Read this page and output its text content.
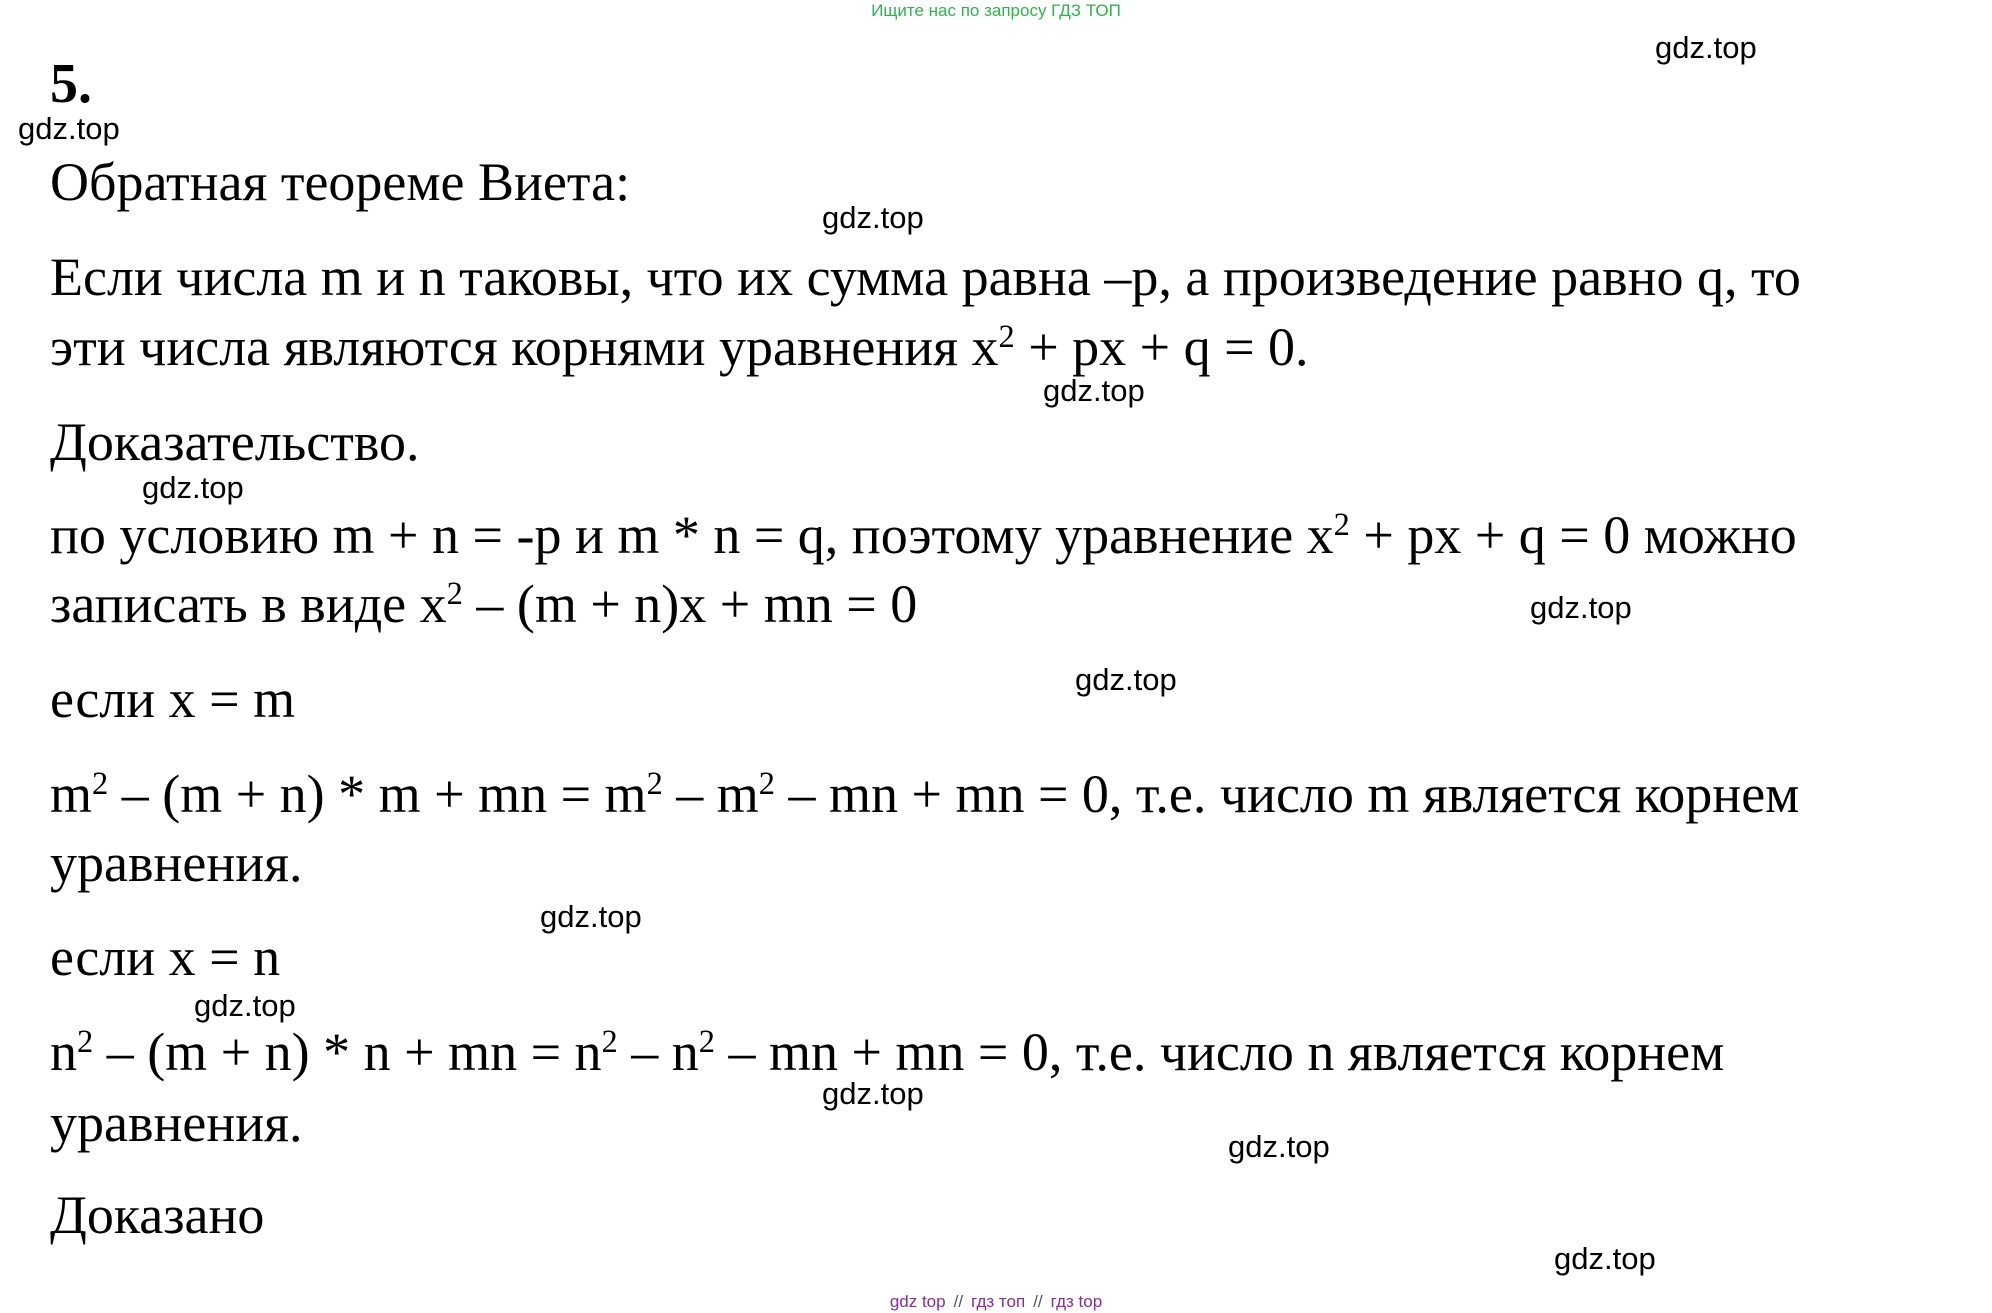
Ищите нас по запросу ГДЗ ТОП
gdz.top
5.
gdz.top
Обратная теореме Виета:
gdz.top
Если числа m и n таковы, что их сумма равна –p, а произведение равно q, то
эти числа являются корнями уравнения $x^2$ + px + q = 0.
gdz.top
Доказательство.
gdz.top
по условию m + n = -p и m * n = q, поэтому уравнение $x^2$ + px + q = 0 можно
записать в виде $x^2 - (m + n)x$ + mn = 0	gdz.top
gdz.top
если x = m
$m^2 - (m + n) * m$ + mn = $m^2 - m^2$ – mn + mn = 0, т.е. число m является корнем
уравнения.
gdz.top
если x = n
gdz.top
$n^2 - (m + n) * n$ + mn = $n^2 - n^2$ – mn + mn = 0, т.е. число n является корнем
gdz.top
уравнения.	gdz.top
Доказано
gdz.top
gdz top // гдз топ // гдз top
